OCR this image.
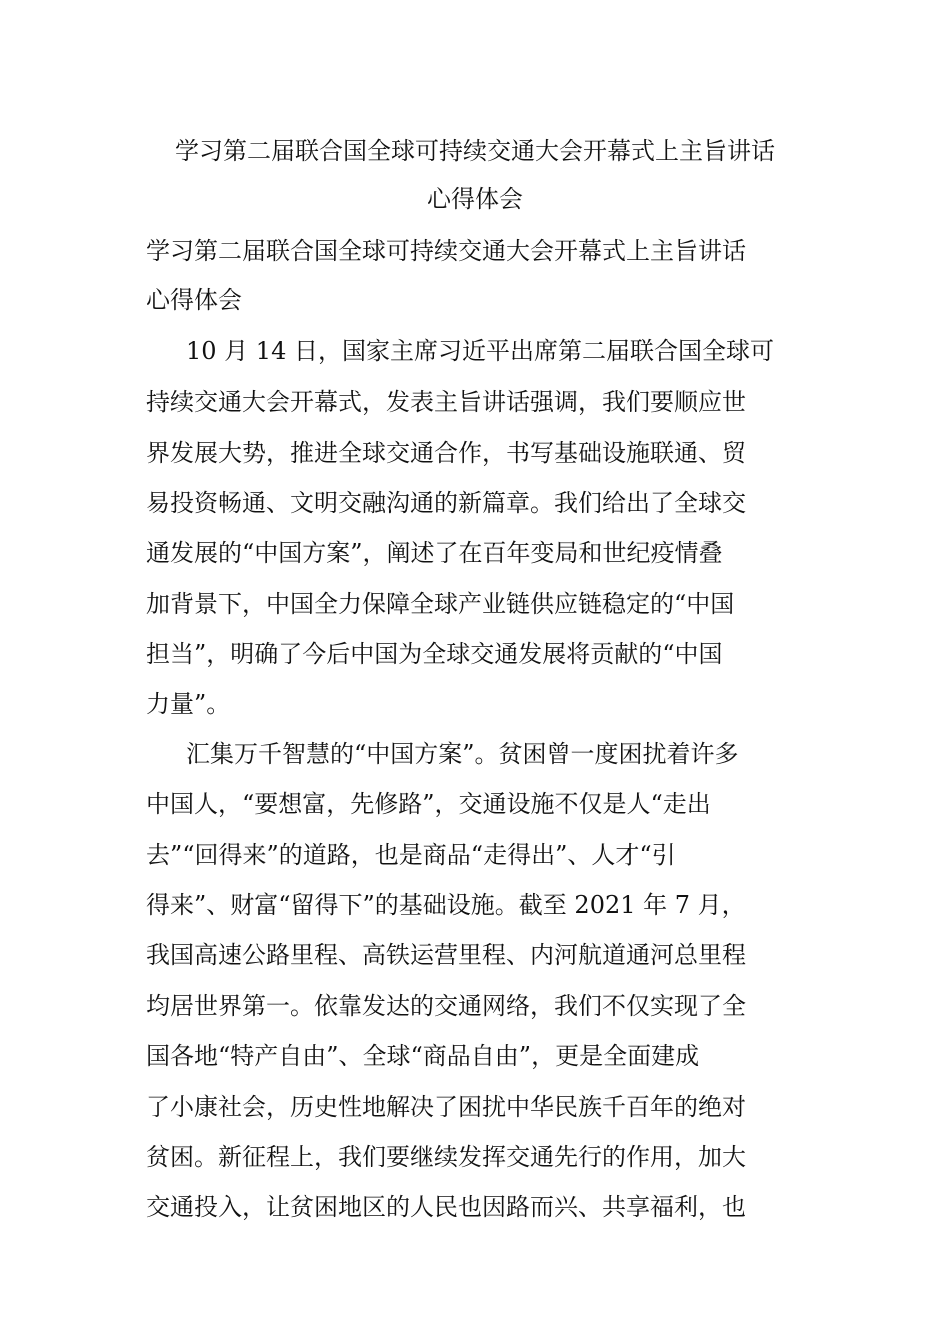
学习第二届联合国全球可持续交通大会开幕式上主旨讲话
心得体会
学习第二届联合国全球可持续交通大会开幕式上主旨讲话
心得体会
10 月 14 日，国家主席习近平出席第二届联合国全球可
持续交通大会开幕式，发表主旨讲话强调，我们要顺应世
界发展大势，推进全球交通合作，书写基础设施联通、贸
易投资畅通、文明交融沟通的新篇章。我们给出了全球交
通发展的“中国方案”，阐述了在百年变局和世纪疫情叠
加背景下，中国全力保障全球产业链供应链稳定的“中国
担当”，明确了今后中国为全球交通发展将贡献的“中国
力量”。
汇集万千智慧的“中国方案”。贫困曾一度困扰着许多
中国人，“要想富，先修路”，交通设施不仅是人“走出
去”“回得来”的道路，也是商品“走得出”、人才“引
得来”、财富“留得下”的基础设施。截至 2021 年 7 月，
我国高速公路里程、高铁运营里程、内河航道通河总里程
均居世界第一。依靠发达的交通网络，我们不仅实现了全
国各地“特产自由”、全球“商品自由”，更是全面建成
了小康社会，历史性地解决了困扰中华民族千百年的绝对
贫困。新征程上，我们要继续发挥交通先行的作用，加大
交通投入，让贫困地区的人民也因路而兴、共享福利，也
